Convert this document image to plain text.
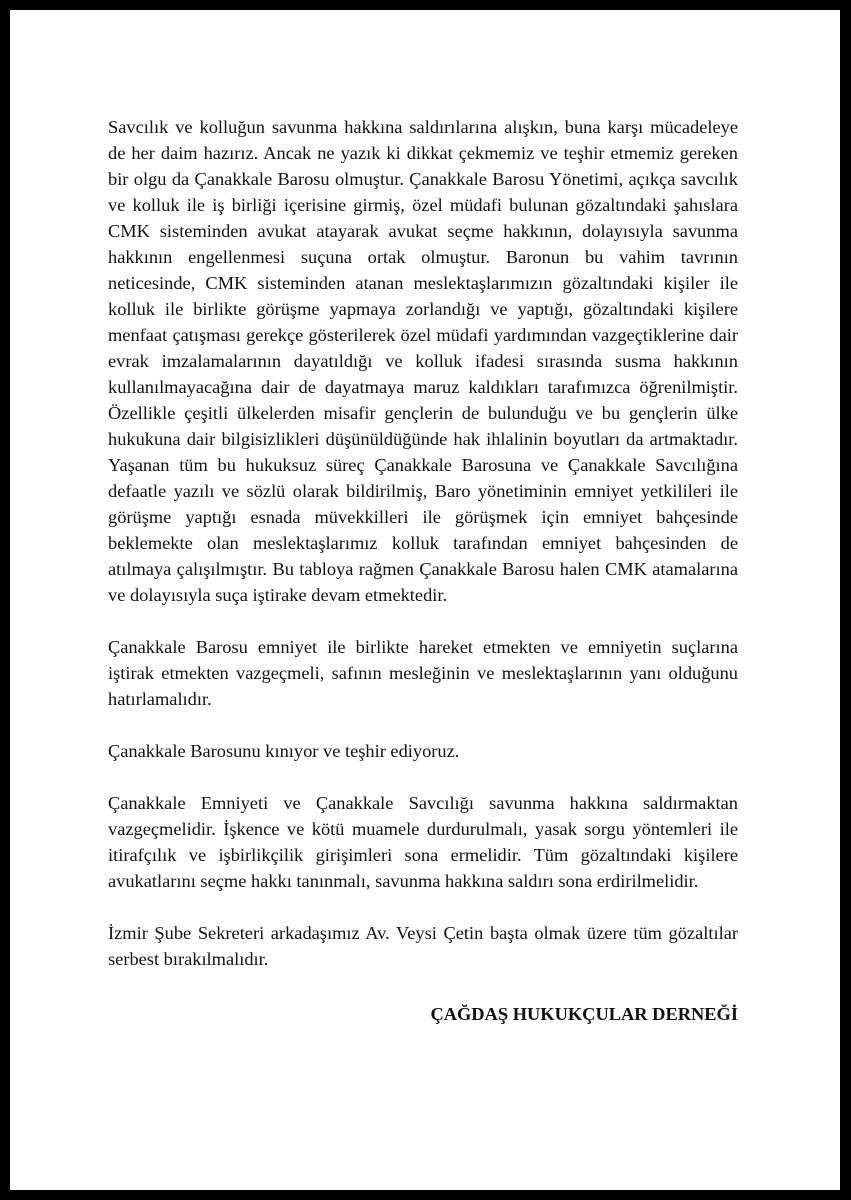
Savcılık ve kolluğun savunma hakkına saldırılarına alışkın, buna karşı mücadeleye de her daim hazırız. Ancak ne yazık ki dikkat çekmemiz ve teşhir etmemiz gereken bir olgu da Çanakkale Barosu olmuştur. Çanakkale Barosu Yönetimi, açıkça savcılık ve kolluk ile iş birliği içerisine girmiş, özel müdafi bulunan gözaltındaki şahıslara CMK sisteminden avukat atayarak avukat seçme hakkının, dolayısıyla savunma hakkının engellenmesi suçuna ortak olmuştur. Baronun bu vahim tavrının neticesinde, CMK sisteminden atanan meslektaşlarımızın gözaltındaki kişiler ile kolluk ile birlikte görüşme yapmaya zorlandığı ve yaptığı, gözaltındaki kişilere menfaat çatışması gerekçe gösterilerek özel müdafi yardımından vazgeçtiklerine dair evrak imzalamalarının dayatıldığı ve kolluk ifadesi sırasında susma hakkının kullanılmayacağına dair de dayatmaya maruz kaldıkları tarafımızca öğrenilmiştir. Özellikle çeşitli ülkelerden misafir gençlerin de bulunduğu ve bu gençlerin ülke hukukuna dair bilgisizlikleri düşünüldüğünde hak ihlalinin boyutları da artmaktadır. Yaşanan tüm bu hukuksuz süreç Çanakkale Barosuna ve Çanakkale Savcılığına defaatle yazılı ve sözlü olarak bildirilmiş, Baro yönetiminin emniyet yetkilileri ile görüşme yaptığı esnada müvekkilleri ile görüşmek için emniyet bahçesinde beklemekte olan meslektaşlarımız kolluk tarafından emniyet bahçesinden de atılmaya çalışılmıştır. Bu tabloya rağmen Çanakkale Barosu halen CMK atamalarına ve dolayısıyla suça iştirake devam etmektedir.

Çanakkale Barosu emniyet ile birlikte hareket etmekten ve emniyetin suçlarına iştirak etmekten vazgeçmeli, safının mesleğinin ve meslektaşlarının yanı olduğunu hatırlamalıdır.

Çanakkale Barosunu kınıyor ve teşhir ediyoruz.

Çanakkale Emniyeti ve Çanakkale Savcılığı savunma hakkına saldırmaktan vazgeçmelidir. İşkence ve kötü muamele durdurulmalı, yasak sorgu yöntemleri ile itirafçılık ve işbirlikçilik girişimleri sona ermelidir. Tüm gözaltındaki kişilere avukatlarını seçme hakkı tanınmalı, savunma hakkına saldırı sona erdirilmelidir.

İzmir Şube Sekreteri arkadaşımız Av. Veysi Çetin başta olmak üzere tüm gözaltılar serbest bırakılmalıdır.

ÇAĞDAŞ HUKUKÇULAR DERNEĞİ
